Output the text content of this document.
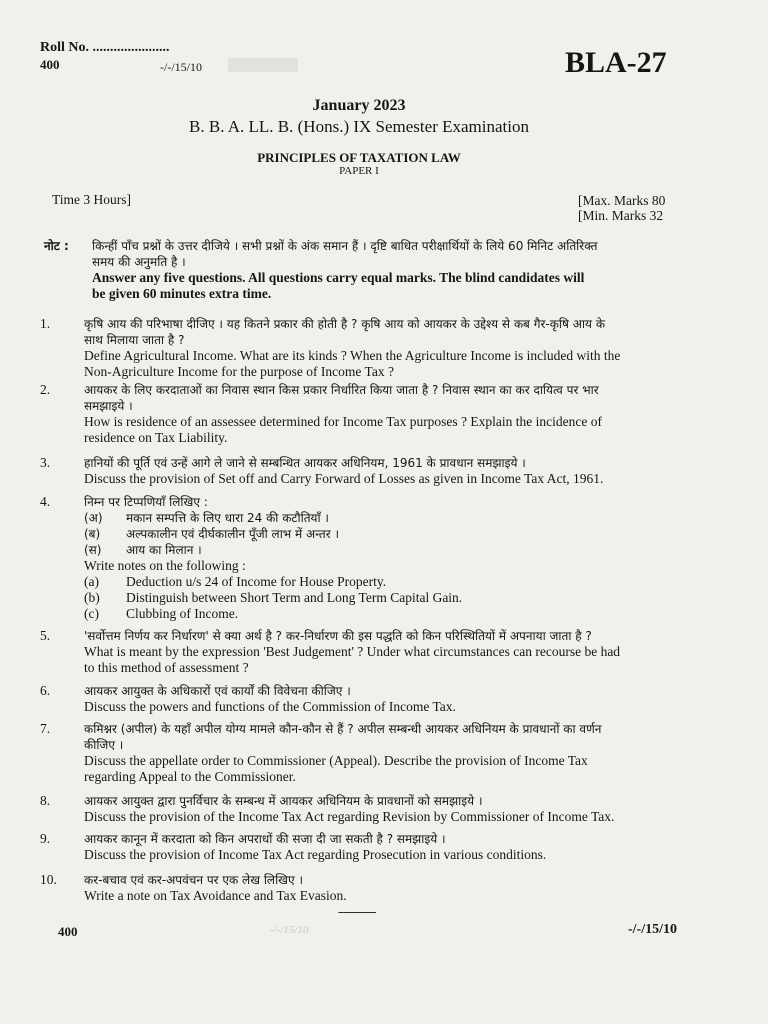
Roll No. ......................
400	-/-/15/10	BLA-27
January 2023
B. B. A. LL. B. (Hons.) IX Semester Examination
PRINCIPLES OF TAXATION LAW
PAPER I
Time 3 Hours]	[Max. Marks 80
[Min. Marks 32
नोट : किन्हीं पाँच प्रश्नों के उत्तर दीजिये । सभी प्रश्नों के अंक समान हैं । दृष्टि बाधित परीक्षार्थियों के लिये 60 मिनिट अतिरिक्त
समय की अनुमति है ।
Answer any five questions. All questions carry equal marks. The blind candidates will
be given 60 minutes extra time.
1.	कृषि आय की परिभाषा दीजिए । यह कितने प्रकार की होती है ? कृषि आय को आयकर के उद्देश्य से कब गैर-कृषि आय के
साथ मिलाया जाता है ?
Define Agricultural Income. What are its kinds ? When the Agriculture Income is included with the
Non-Agriculture Income for the purpose of Income Tax ?
2.	आयकर के लिए करदाताओं का निवास स्थान किस प्रकार निर्धारित किया जाता है ? निवास स्थान का कर दायित्व पर भार
समझाइये ।
How is residence of an assessee determined for Income Tax purposes ? Explain the incidence of
residence on Tax Liability.
3.	हानियों की पूर्ति एवं उन्हें आगे ले जाने से सम्बन्धित आयकर अधिनियम, 1961 के प्रावधान समझाइये ।
Discuss the provision of Set off and Carry Forward of Losses as given in Income Tax Act, 1961.
4.	निम्न पर टिप्पणियाँ लिखिए :
(अ) मकान सम्पत्ति के लिए धारा 24 की कटौतियाँ ।
(ब) अल्पकालीन एवं दीर्घकालीन पूँजी लाभ में अन्तर ।
(स) आय का मिलान ।
Write notes on the following :
(a) Deduction u/s 24 of Income for House Property.
(b) Distinguish between Short Term and Long Term Capital Gain.
(c) Clubbing of Income.
5.	'सर्वोत्तम निर्णय कर निर्धारण' से क्या अर्थ है ? कर-निर्धारण की इस पद्धति को किन परिस्थितियों में अपनाया जाता है ?
What is meant by the expression 'Best Judgement' ? Under what circumstances can recourse be had
to this method of assessment ?
6.	आयकर आयुक्त के अधिकारों एवं कार्यों की विवेचना कीजिए ।
Discuss the powers and functions of the Commission of Income Tax.
7.	कमिश्नर (अपील) के यहाँ अपील योग्य मामले कौन-कौन से हैं ? अपील सम्बन्धी आयकर अधिनियम के प्रावधानों का वर्णन
कीजिए ।
Discuss the appellate order to Commissioner (Appeal). Describe the provision of Income Tax
regarding Appeal to the Commissioner.
8.	आयकर आयुक्त द्वारा पुनर्विचार के सम्बन्ध में आयकर अधिनियम के प्रावधानों को समझाइये ।
Discuss the provision of the Income Tax Act regarding Revision by Commissioner of Income Tax.
9.	आयकर कानून में करदाता को किन अपराधों की सजा दी जा सकती है ? समझाइये ।
Discuss the provision of Income Tax Act regarding Prosecution in various conditions.
10.	कर-बचाव एवं कर-अपवंचन पर एक लेख लिखिए ।
Write a note on Tax Avoidance and Tax Evasion.
--------------
400	-/-/15/10	-/-/15/10
